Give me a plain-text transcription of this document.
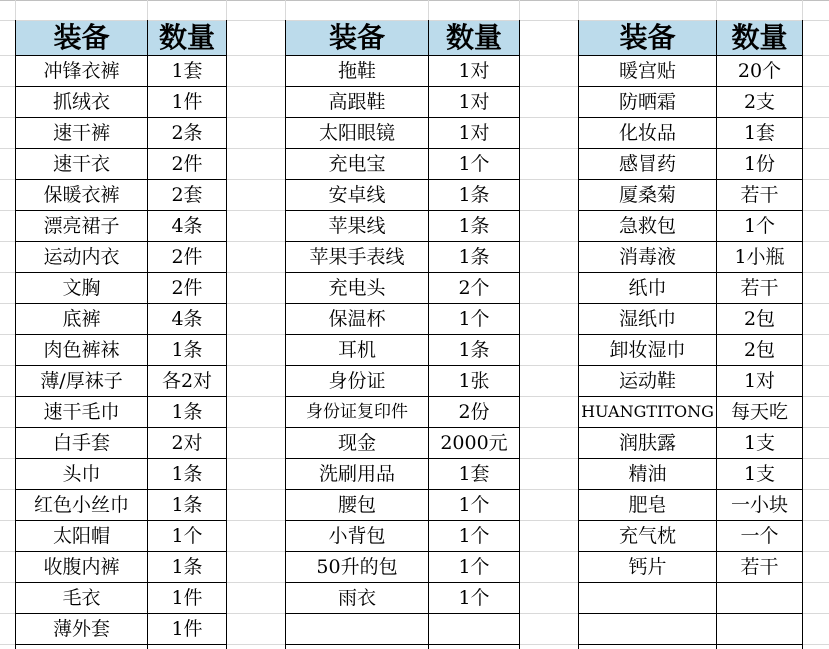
装备	数量
冲锋衣裤	1套
抓绒衣	1件
速干裤	2条
速干衣	2件
保暖衣裤	2套
漂亮裙子	4条
运动内衣	2件
文胸	2件
底裤	4条
肉色裤袜	1条
薄/厚袜子	各2对
速干毛巾	1条
白手套	2对
头巾	1条
红色小丝巾	1条
太阳帽	1个
收腹内裤	1条
毛衣	1件
薄外套	1件
装备	数量
拖鞋	1对
高跟鞋	1对
太阳眼镜	1对
充电宝	1个
安卓线	1条
苹果线	1条
苹果手表线	1条
充电头	2个
保温杯	1个
耳机	1条
身份证	1张
身份证复印件	2份
现金	2000元
洗刷用品	1套
腰包	1个
小背包	1个
50升的包	1个
雨衣	1个
装备	数量
暖宫贴	20个
防晒霜	2支
化妆品	1套
感冒药	1份
厦桑菊	若干
急救包	1个
消毒液	1小瓶
纸巾	若干
湿纸巾	2包
卸妆湿巾	2包
运动鞋	1对
HUANGTITONG 每天吃
润肤露	1支
精油	1支
肥皂	一小块
充气枕	一个
钙片	若干
